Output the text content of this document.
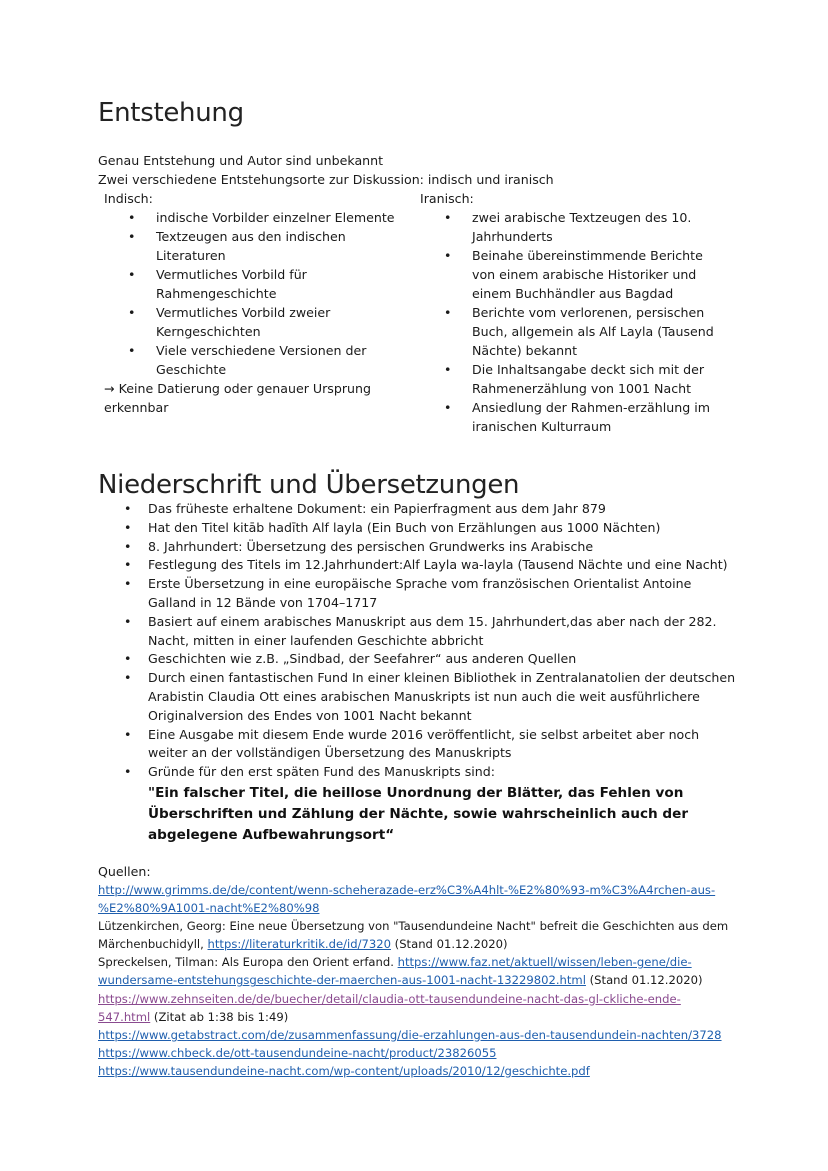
Entstehung
Genau Entstehung und Autor sind unbekannt
Zwei verschiedene Entstehungsorte zur Diskussion: indisch und iranisch
Indisch:
• indische Vorbilder einzelner Elemente
• Textzeugen aus den indischen Literaturen
• Vermutliches Vorbild für Rahmengeschichte
• Vermutliches Vorbild zweier Kerngeschichten
• Viele verschiedene Versionen der Geschichte
→ Keine Datierung oder genauer Ursprung erkennbar
Iranisch:
• zwei arabische Textzeugen des 10. Jahrhunderts
• Beinahe übereinstimmende Berichte von einem arabische Historiker und einem Buchhändler aus Bagdad
• Berichte vom verlorenen, persischen Buch, allgemein als Alf Layla (Tausend Nächte) bekannt
• Die Inhaltsangabe deckt sich mit der Rahmenerzählung von 1001 Nacht
• Ansiedlung der Rahmen-erzählung im iranischen Kulturraum
Niederschrift und Übersetzungen
• Das früheste erhaltene Dokument: ein Papierfragment aus dem Jahr 879
• Hat den Titel kitāb hadīth Alf layla (Ein Buch von Erzählungen aus 1000 Nächten)
• 8. Jahrhundert: Übersetzung des persischen Grundwerks ins Arabische
• Festlegung des Titels im 12.Jahrhundert:Alf Layla wa-layla (Tausend Nächte und eine Nacht)
• Erste Übersetzung in eine europäische Sprache vom französischen Orientalist Antoine Galland in 12 Bände von 1704–1717
• Basiert auf einem arabisches Manuskript aus dem 15. Jahrhundert,das aber nach der 282. Nacht, mitten in einer laufenden Geschichte abbricht
• Geschichten wie z.B. „Sindbad, der Seefahrer“ aus anderen Quellen
• Durch einen fantastischen Fund In einer kleinen Bibliothek in Zentralanatolien der deutschen Arabistin Claudia Ott eines arabischen Manuskripts ist nun auch die weit ausführlichere Originalversion des Endes von 1001 Nacht bekannt
• Eine Ausgabe mit diesem Ende wurde 2016 veröffentlicht, sie selbst arbeitet aber noch weiter an der vollständigen Übersetzung des Manuskripts
• Gründe für den erst späten Fund des Manuskripts sind:
"Ein falscher Titel, die heillose Unordnung der Blätter, das Fehlen von Überschriften und Zählung der Nächte, sowie wahrscheinlich auch der abgelegene Aufbewahrungsort“
Quellen:
http://www.grimms.de/de/content/wenn-scheherazade-erz%C3%A4hlt-%E2%80%93-m%C3%A4rchen-aus-
%E2%80%9A1001-nacht%E2%80%98
Lützenkirchen, Georg: Eine neue Übersetzung von "Tausendundeine Nacht" befreit die Geschichten aus dem
Märchenbuchidyll, https://literaturkritik.de/id/7320 (Stand 01.12.2020)
Spreckelsen, Tilman: Als Europa den Orient erfand. https://www.faz.net/aktuell/wissen/leben-gene/die-
wundersame-entstehungsgeschichte-der-maerchen-aus-1001-nacht-13229802.html (Stand 01.12.2020)
https://www.zehnseiten.de/de/buecher/detail/claudia-ott-tausendundeine-nacht-das-gl-ckliche-ende-
547.html (Zitat ab 1:38 bis 1:49)
https://www.getabstract.com/de/zusammenfassung/die-erzahlungen-aus-den-tausendundein-nachten/3728
https://www.chbeck.de/ott-tausendundeine-nacht/product/23826055
https://www.tausendundeine-nacht.com/wp-content/uploads/2010/12/geschichte.pdf
